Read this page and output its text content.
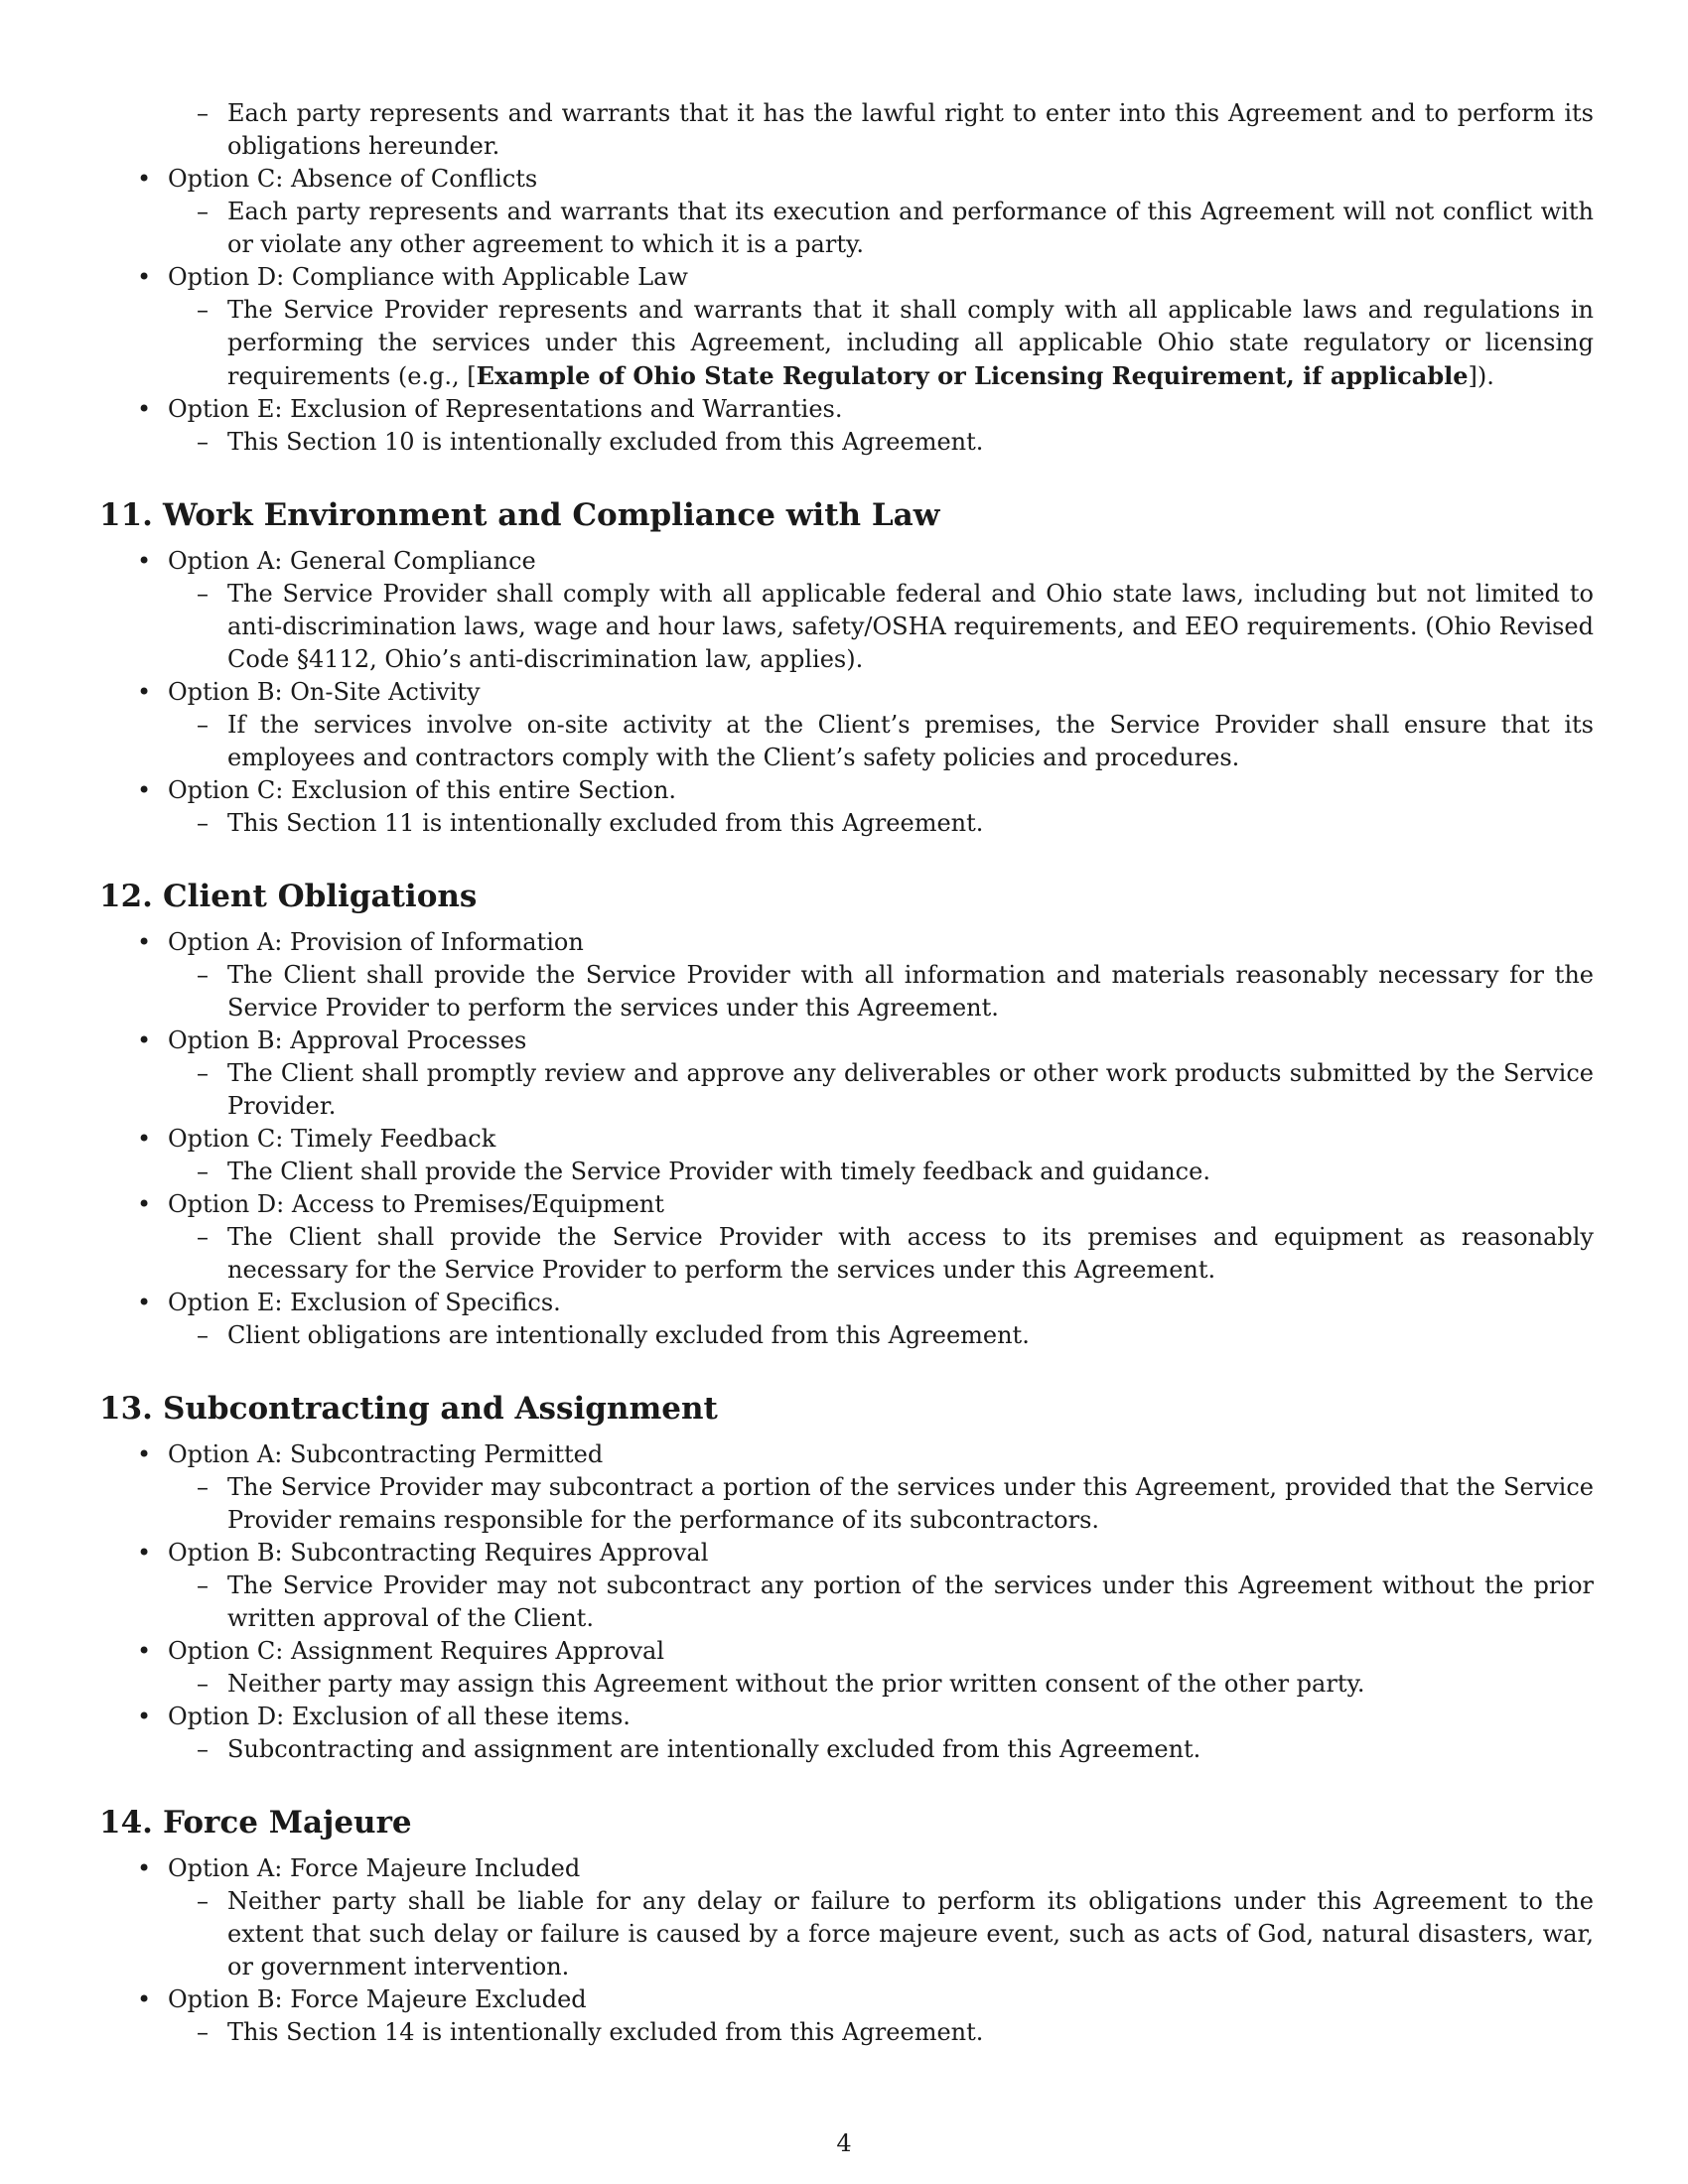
– Each party represents and warrants that it has the lawful right to enter into this Agreement and to perform its obligations hereunder.
• Option C: Absence of Conflicts
– Each party represents and warrants that its execution and performance of this Agreement will not conflict with or violate any other agreement to which it is a party.
• Option D: Compliance with Applicable Law
– The Service Provider represents and warrants that it shall comply with all applicable laws and regulations in performing the services under this Agreement, including all applicable Ohio state regulatory or licensing requirements (e.g., [Example of Ohio State Regulatory or Licensing Requirement, if applicable]).
• Option E: Exclusion of Representations and Warranties.
– This Section 10 is intentionally excluded from this Agreement.
11. Work Environment and Compliance with Law
• Option A: General Compliance
– The Service Provider shall comply with all applicable federal and Ohio state laws, including but not limited to anti-discrimination laws, wage and hour laws, safety/OSHA requirements, and EEO requirements. (Ohio Revised Code §4112, Ohio’s anti-discrimination law, applies).
• Option B: On-Site Activity
– If the services involve on-site activity at the Client’s premises, the Service Provider shall ensure that its employees and contractors comply with the Client’s safety policies and procedures.
• Option C: Exclusion of this entire Section.
– This Section 11 is intentionally excluded from this Agreement.
12. Client Obligations
• Option A: Provision of Information
– The Client shall provide the Service Provider with all information and materials reasonably necessary for the Service Provider to perform the services under this Agreement.
• Option B: Approval Processes
– The Client shall promptly review and approve any deliverables or other work products submitted by the Service Provider.
• Option C: Timely Feedback
– The Client shall provide the Service Provider with timely feedback and guidance.
• Option D: Access to Premises/Equipment
– The Client shall provide the Service Provider with access to its premises and equipment as reasonably necessary for the Service Provider to perform the services under this Agreement.
• Option E: Exclusion of Specifics.
– Client obligations are intentionally excluded from this Agreement.
13. Subcontracting and Assignment
• Option A: Subcontracting Permitted
– The Service Provider may subcontract a portion of the services under this Agreement, provided that the Service Provider remains responsible for the performance of its subcontractors.
• Option B: Subcontracting Requires Approval
– The Service Provider may not subcontract any portion of the services under this Agreement without the prior written approval of the Client.
• Option C: Assignment Requires Approval
– Neither party may assign this Agreement without the prior written consent of the other party.
• Option D: Exclusion of all these items.
– Subcontracting and assignment are intentionally excluded from this Agreement.
14. Force Majeure
• Option A: Force Majeure Included
– Neither party shall be liable for any delay or failure to perform its obligations under this Agreement to the extent that such delay or failure is caused by a force majeure event, such as acts of God, natural disasters, war, or government intervention.
• Option B: Force Majeure Excluded
– This Section 14 is intentionally excluded from this Agreement.
4
